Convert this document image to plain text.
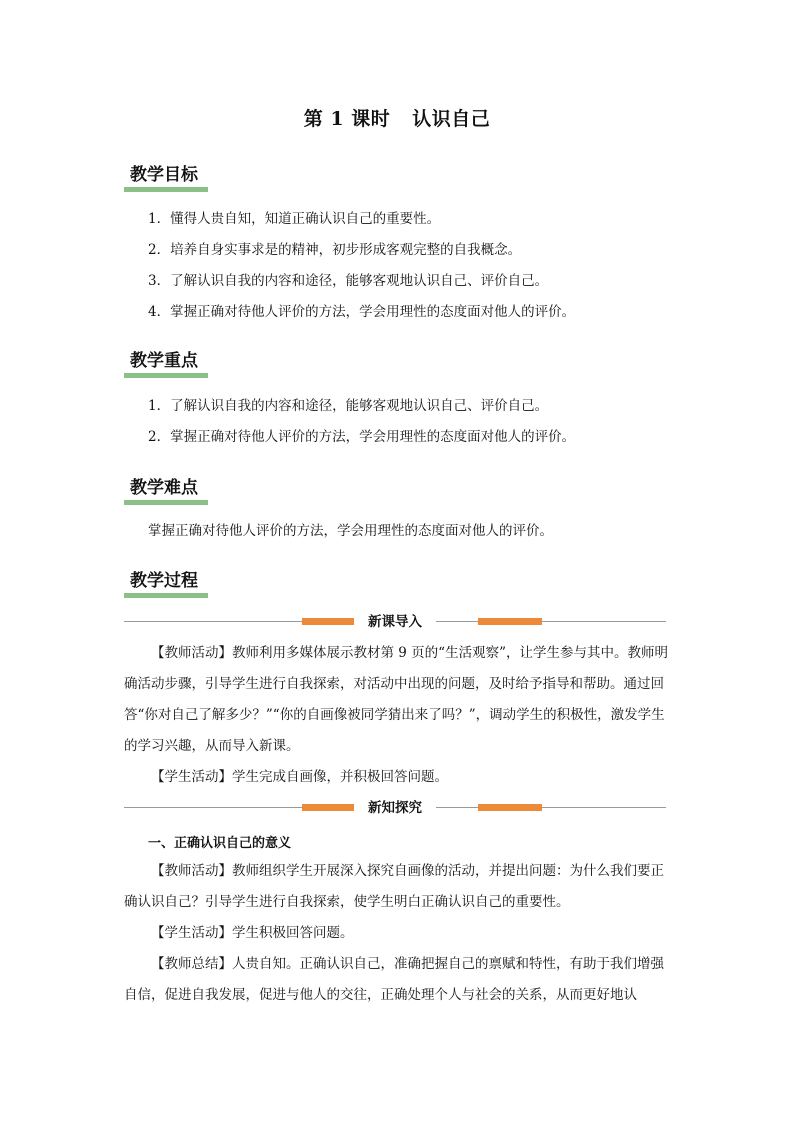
第 1 课时 认识自己
教学目标
1．懂得人贵自知，知道正确认识自己的重要性。
2．培养自身实事求是的精神，初步形成客观完整的自我概念。
3．了解认识自我的内容和途径，能够客观地认识自己、评价自己。
4．掌握正确对待他人评价的方法，学会用理性的态度面对他人的评价。
教学重点
1．了解认识自我的内容和途径，能够客观地认识自己、评价自己。
2．掌握正确对待他人评价的方法，学会用理性的态度面对他人的评价。
教学难点
掌握正确对待他人评价的方法，学会用理性的态度面对他人的评价。
教学过程
新课导入

【教师活动】教师利用多媒体展示教材第 9 页的“生活观察”，让学生参与其中。教师明确活动步骤，引导学生进行自我探索，对活动中出现的问题，及时给予指导和帮助。通过回答“你对自己了解多少？”“你的自画像被同学猜出来了吗？”，调动学生的积极性，激发学生的学习兴趣，从而导入新课。

【学生活动】学生完成自画像，并积极回答问题。

新知探究
一、正确认识自己的意义

【教师活动】教师组织学生开展深入探究自画像的活动，并提出问题：为什么我们要正确认识自己？引导学生进行自我探索，使学生明白正确认识自己的重要性。

【学生活动】学生积极回答问题。

【教师总结】人贵自知。正确认识自己，准确把握自己的禀赋和特性，有助于我们增强自信，促进自我发展，促进与他人的交往，正确处理个人与社会的关系，从而更好地认
